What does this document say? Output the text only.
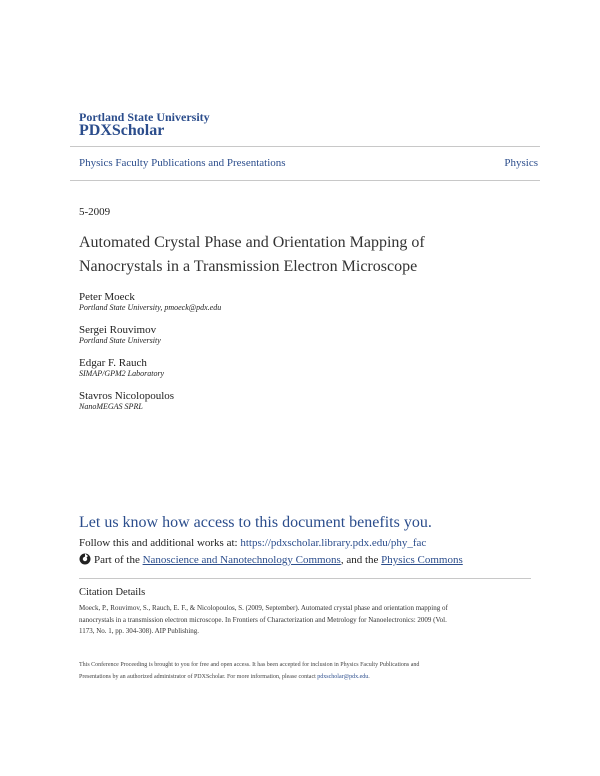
Portland State University
PDXScholar
Physics Faculty Publications and Presentations	Physics
5-2009
Automated Crystal Phase and Orientation Mapping of
Nanocrystals in a Transmission Electron Microscope
Peter Moeck
Portland State University, pmoeck@pdx.edu
Sergei Rouvimov
Portland State University
Edgar F. Rauch
SIMAP/GPM2 Laboratory
Stavros Nicolopoulos
NanoMEGAS SPRL
Let us know how access to this document benefits you.
Follow this and additional works at: https://pdxscholar.library.pdx.edu/phy_fac
Part of the Nanoscience and Nanotechnology Commons, and the Physics Commons
Citation Details
Moeck, P., Rouvimov, S., Rauch, E. F., & Nicolopoulos, S. (2009, September). Automated crystal phase and orientation mapping of
nanocrystals in a transmission electron microscope. In Frontiers of Characterization and Metrology for Nanoelectronics: 2009 (Vol.
1173, No. 1, pp. 304-308). AIP Publishing.
This Conference Proceeding is brought to you for free and open access. It has been accepted for inclusion in Physics Faculty Publications and
Presentations by an authorized administrator of PDXScholar. For more information, please contact pdxscholar@pdx.edu.
